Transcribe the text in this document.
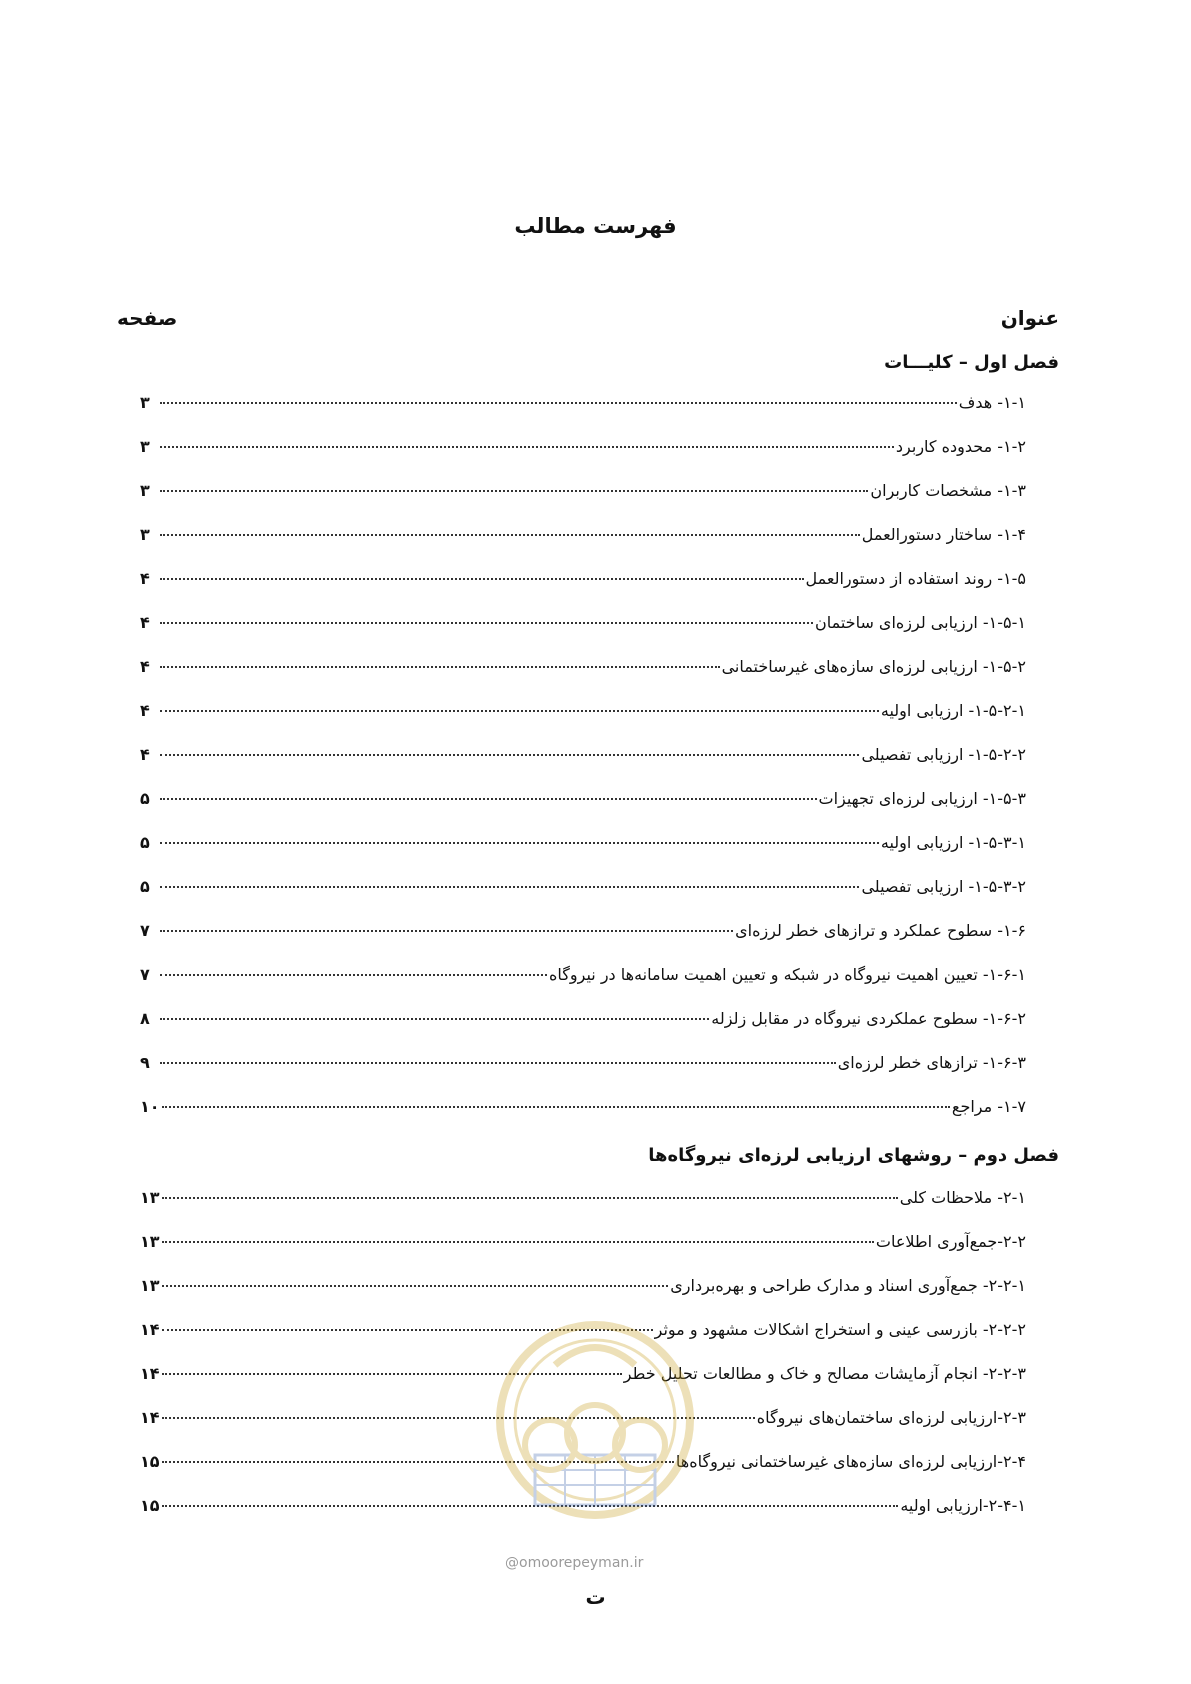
فهرست مطالب
عنوان
صفحه
فصل اول – کلیـــات
۱-۱- هدف
۳
۱-۲- محدوده کاربرد
۳
۱-۳- مشخصات کاربران
۳
۱-۴- ساختار دستورالعمل
۳
۱-۵- روند استفاده از دستورالعمل
۴
۱-۵-۱- ارزیابی لرزه‌ای ساختمان
۴
۱-۵-۲- ارزیابی لرزه‌ای سازه‌های غیرساختمانی
۴
۱-۵-۲-۱- ارزیابی اولیه
۴
۱-۵-۲-۲- ارزیابی تفصیلی
۴
۱-۵-۳- ارزیابی لرزه‌ای تجهیزات
۵
۱-۵-۳-۱- ارزیابی اولیه
۵
۱-۵-۳-۲- ارزیابی تفصیلی
۵
۱-۶- سطوح عملکرد و ترازهای خطر لرزه‌ای
۷
۱-۶-۱- تعیین اهمیت نیروگاه در شبکه و تعیین اهمیت سامانه‌ها در نیروگاه
۷
۱-۶-۲- سطوح عملکردی نیروگاه در مقابل زلزله
۸
۱-۶-۳- ترازهای خطر لرزه‌ای
۹
۱-۷- مراجع
۱۰
فصل دوم – روشهای ارزیابی لرزه‌ای نیروگاه‌ها
۲-۱- ملاحظات کلی
۱۳
۲-۲-جمع‌آوری اطلاعات
۱۳
۲-۲-۱- جمع‌آوری اسناد و مدارک طراحی و بهره‌برداری
۱۳
۲-۲-۲- بازرسی عینی و استخراج اشکالات مشهود و موثر
۱۴
۲-۲-۳- انجام آزمایشات مصالح و خاک و مطالعات تحلیل خطر
۱۴
۲-۳-ارزیابی لرزه‌ای ساختمان‌های نیروگاه
۱۴
۲-۴-ارزیابی لرزه‌ای سازه‌های غیرساختمانی نیروگاه‌ها
۱۵
۲-۴-۱-ارزیابی اولیه
۱۵
@omoorepeyman.ir
ت
